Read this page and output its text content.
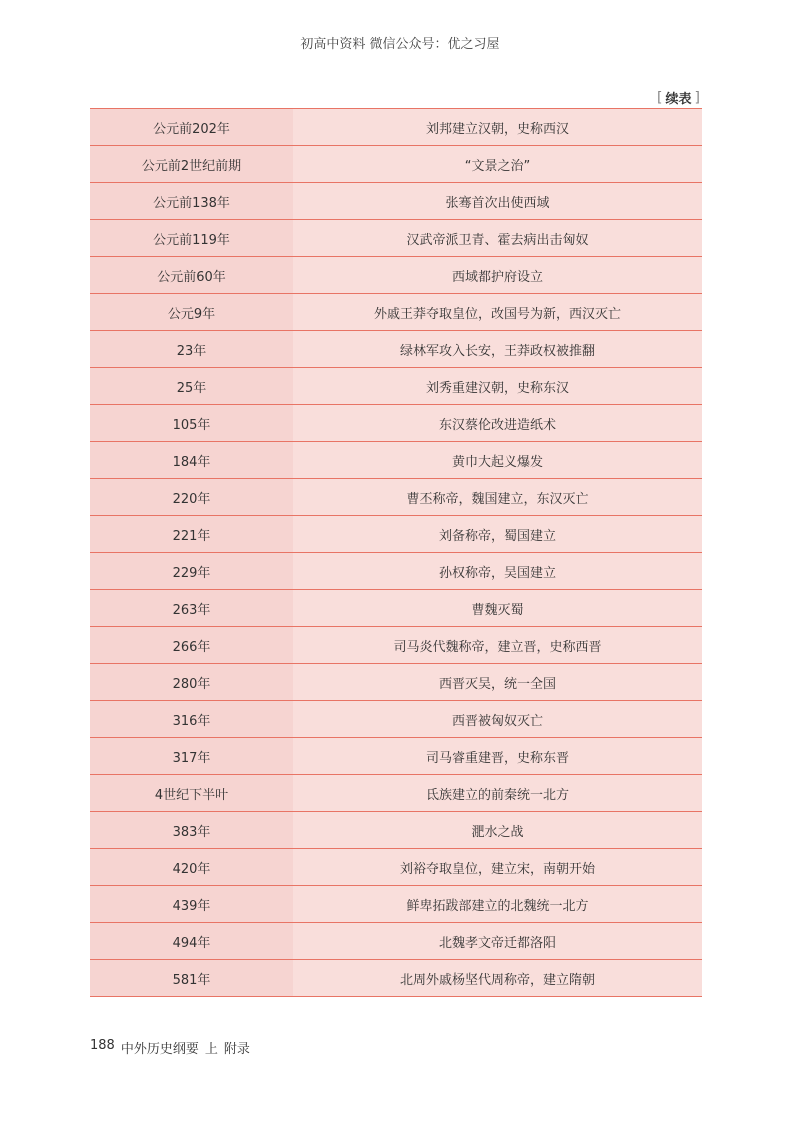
初高中资料 微信公众号：优之习屋
[ 续表 ]
公元前202年	刘邦建立汉朝，史称西汉
公元前2世纪前期	“文景之治”
公元前138年	张骞首次出使西域
公元前119年	汉武帝派卫青、霍去病出击匈奴
公元前60年	西域都护府设立
公元9年	外戚王莽夺取皇位，改国号为新，西汉灭亡
23年	绿林军攻入长安，王莽政权被推翻
25年	刘秀重建汉朝，史称东汉
105年	东汉蔡伦改进造纸术
184年	黄巾大起义爆发
220年	曹丕称帝，魏国建立，东汉灭亡
221年	刘备称帝，蜀国建立
229年	孙权称帝，吴国建立
263年	曹魏灭蜀
266年	司马炎代魏称帝，建立晋，史称西晋
280年	西晋灭吴，统一全国
316年	西晋被匈奴灭亡
317年	司马睿重建晋，史称东晋
4世纪下半叶	氐族建立的前秦统一北方
383年	淝水之战
420年	刘裕夺取皇位，建立宋，南朝开始
439年	鲜卑拓跋部建立的北魏统一北方
494年	北魏孝文帝迁都洛阳
581年	北周外戚杨坚代周称帝，建立隋朝
188 中外历史纲要 上 附录
